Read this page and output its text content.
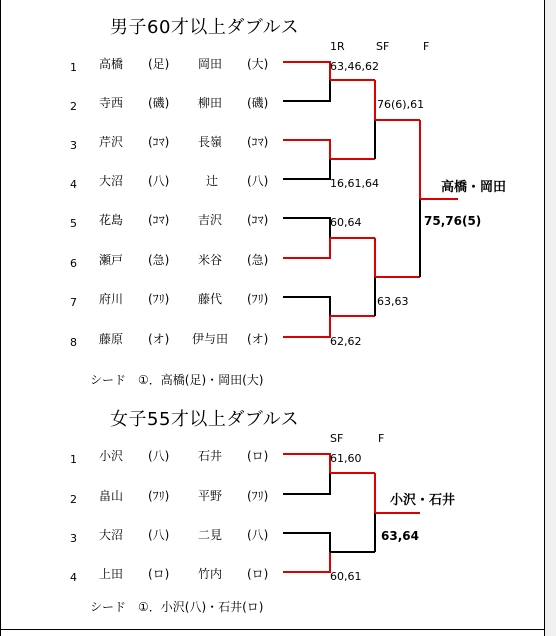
男子60才以上ダブルス
1R	SF	F
1 高橋 (足) 岡田 (大)
2 寺西 (磯) 柳田 (磯)
3 芹沢 (ｺﾏ) 長嶺 (ｺﾏ)
4 大沼 (八)	辻 (八)
5 花島 (ｺﾏ) 吉沢 (ｺﾏ)
6 瀬戸 (急) 米谷 (急)
7 府川 (ﾌﾘ) 藤代 (ﾌﾘ)
8 藤原 (オ) 伊与田 (オ)
63,46,62
16,61,64
60,64
62,62
76(6),61
63,63
高橋・岡田
75,76(5)
シード　①．高橋(足)・岡田(大)
女子55才以上ダブルス
SF	F
1 小沢 (八) 石井 (ロ)
2 畠山 (ﾌﾘ) 平野 (ﾌﾘ)
3 大沼 (八) 二見 (八)
4 上田 (ロ) 竹内 (ロ)
61,60
60,61
小沢・石井
63,64
シード　①．小沢(八)・石井(ロ)
